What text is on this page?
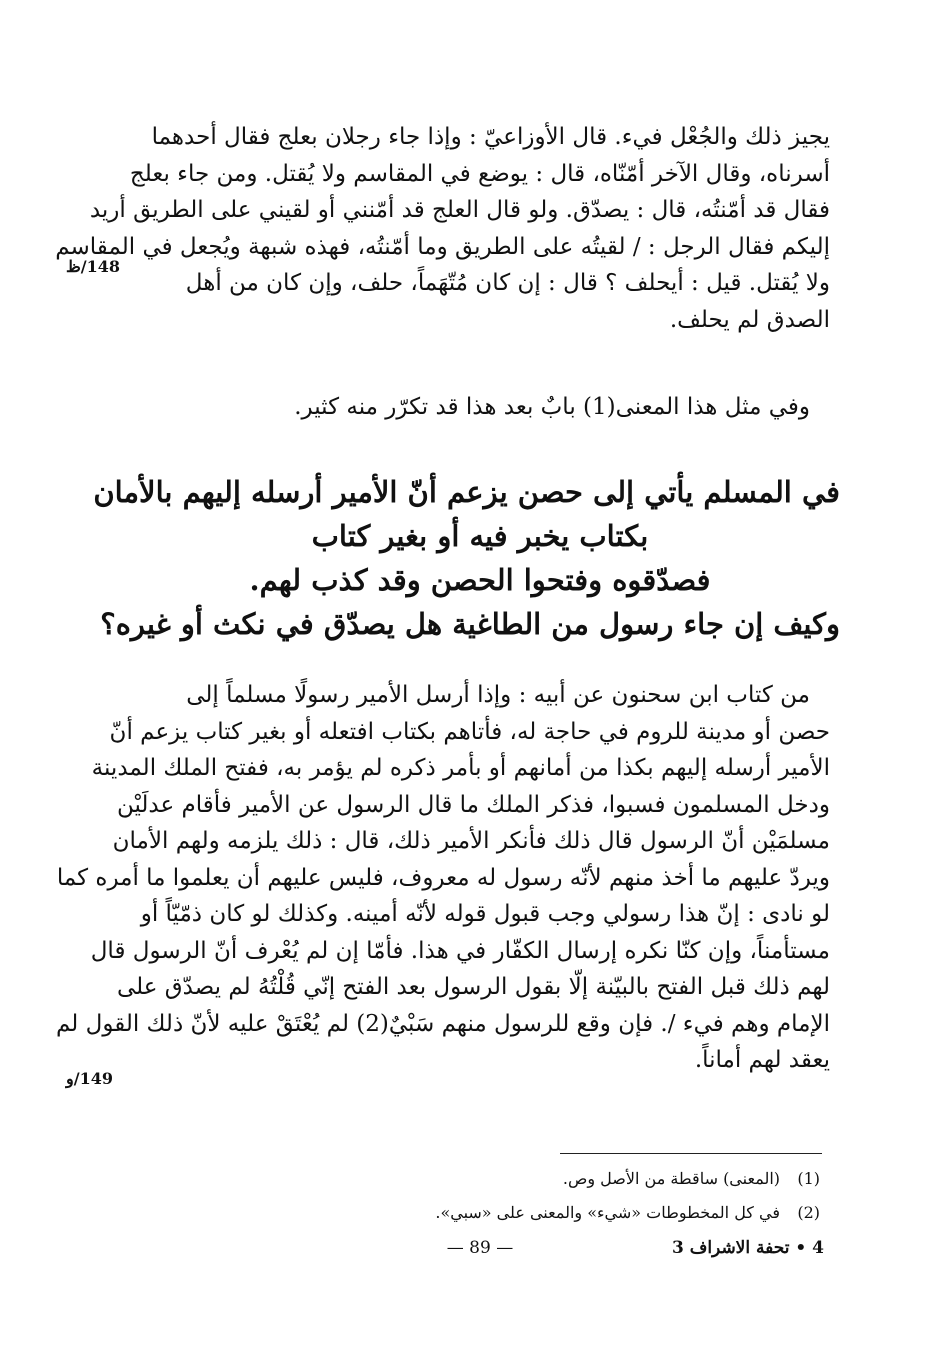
يجيز ذلك والجُعْل فيء. قال الأوزاعيّ : وإذا جاء رجلان بعلج فقال أحدهما
أسرناه، وقال الآخر أمّنّاه، قال : يوضع في المقاسم ولا يُقتل. ومن جاء بعلج
فقال قد أمّنتُه، قال : يصدّق. ولو قال العلج قد أمّنني أو لقيني على الطريق أريد
إليكم فقال الرجل : / لقيتُه على الطريق وما أمّنتُه، فهذه شبهة ويُجعل في المقاسم
ولا يُقتل. قيل : أيحلف ؟ قال : إن كان مُتّهَماً، حلف، وإن كان من أهل
الصدق لم يحلف.
148/ظ
وفي مثل هذا المعنى(1) بابٌ بعد هذا قد تكرّر منه كثير.
في المسلم يأتي إلى حصن يزعم أنّ الأمير أرسله إليهم بالأمان
بكتاب يخبر فيه أو بغير كتاب
فصدّقوه وفتحوا الحصن وقد كذب لهم.
وكيف إن جاء رسول من الطاغية هل يصدّق في نكث أو غيره؟
من كتاب ابن سحنون عن أبيه : وإذا أرسل الأمير رسولًا مسلماً إلى
حصن أو مدينة للروم في حاجة له، فأتاهم بكتاب افتعله أو بغير كتاب يزعم أنّ
الأمير أرسله إليهم بكذا من أمانهم أو بأمر ذكره لم يؤمر به، ففتح الملك المدينة
ودخل المسلمون فسبوا، فذكر الملك ما قال الرسول عن الأمير فأقام عدلَيْن
مسلمَيْن أنّ الرسول قال ذلك فأنكر الأمير ذلك، قال : ذلك يلزمه ولهم الأمان
ويردّ عليهم ما أخذ منهم لأنّه رسول له معروف، فليس عليهم أن يعلموا ما أمره كما
لو نادى : إنّ هذا رسولي وجب قبول قوله لأنّه أمينه. وكذلك لو كان ذمّيّاً أو
مستأمناً، وإن كنّا نكره إرسال الكفّار في هذا. فأمّا إن لم يُعْرف أنّ الرسول قال
لهم ذلك قبل الفتح بالبيّنة إلّا بقول الرسول بعد الفتح إنّي قُلْتُهُ لم يصدّق على
الإمام وهم فيء /. فإن وقع للرسول منهم سَبْيٌ(2) لم يُعْتَقْ عليه لأنّ ذلك القول لم
يعقد لهم أماناً.
149/و
(1)
(المعنى) ساقطة من الأصل وص.
(2)
في كل المخطوطات «شيء» والمعنى على «سبي».
— 89 —	4 • تحفة الاشراف 3
